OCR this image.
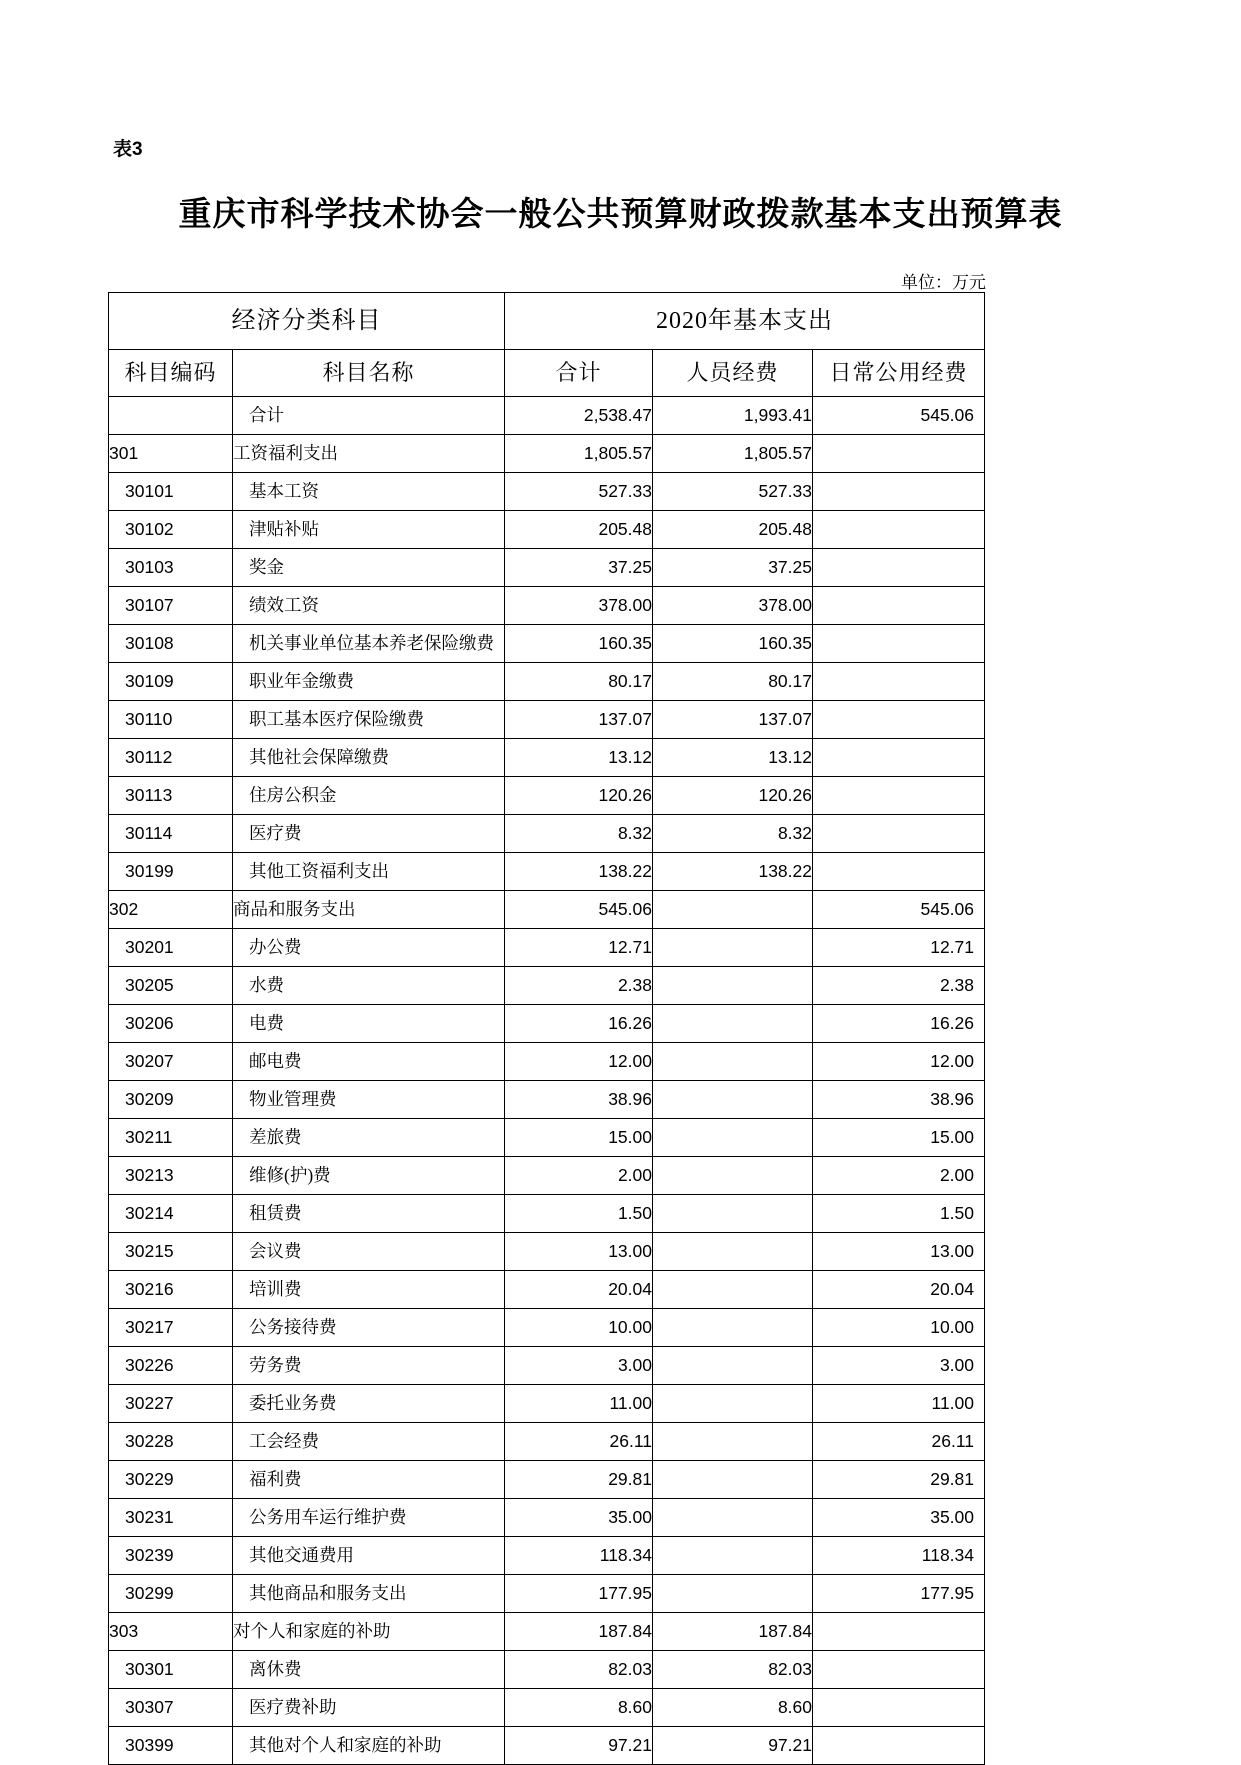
表3
重庆市科学技术协会一般公共预算财政拨款基本支出预算表
单位：万元
经济分类科目		2020年基本支出		
科目编码	科目名称	合计	人员经费	日常公用经费
	合计	2,538.47	1,993.41	545.06
301	工资福利支出	1,805.57	1,805.57	
30101	基本工资	527.33	527.33	
30102	津贴补贴	205.48	205.48	
30103	奖金	37.25	37.25	
30107	绩效工资	378.00	378.00	
30108	机关事业单位基本养老保险缴费	160.35	160.35	
30109	职业年金缴费	80.17	80.17	
30110	职工基本医疗保险缴费	137.07	137.07	
30112	其他社会保障缴费	13.12	13.12	
30113	住房公积金	120.26	120.26	
30114	医疗费	8.32	8.32	
30199	其他工资福利支出	138.22	138.22	
302	商品和服务支出	545.06		545.06
30201	办公费	12.71		12.71
30205	水费	2.38		2.38
30206	电费	16.26		16.26
30207	邮电费	12.00		12.00
30209	物业管理费	38.96		38.96
30211	差旅费	15.00		15.00
30213	维修(护)费	2.00		2.00
30214	租赁费	1.50		1.50
30215	会议费	13.00		13.00
30216	培训费	20.04		20.04
30217	公务接待费	10.00		10.00
30226	劳务费	3.00		3.00
30227	委托业务费	11.00		11.00
30228	工会经费	26.11		26.11
30229	福利费	29.81		29.81
30231	公务用车运行维护费	35.00		35.00
30239	其他交通费用	118.34		118.34
30299	其他商品和服务支出	177.95		177.95
303	对个人和家庭的补助	187.84	187.84	
30301	离休费	82.03	82.03	
30307	医疗费补助	8.60	8.60	
30399	其他对个人和家庭的补助	97.21	97.21	
